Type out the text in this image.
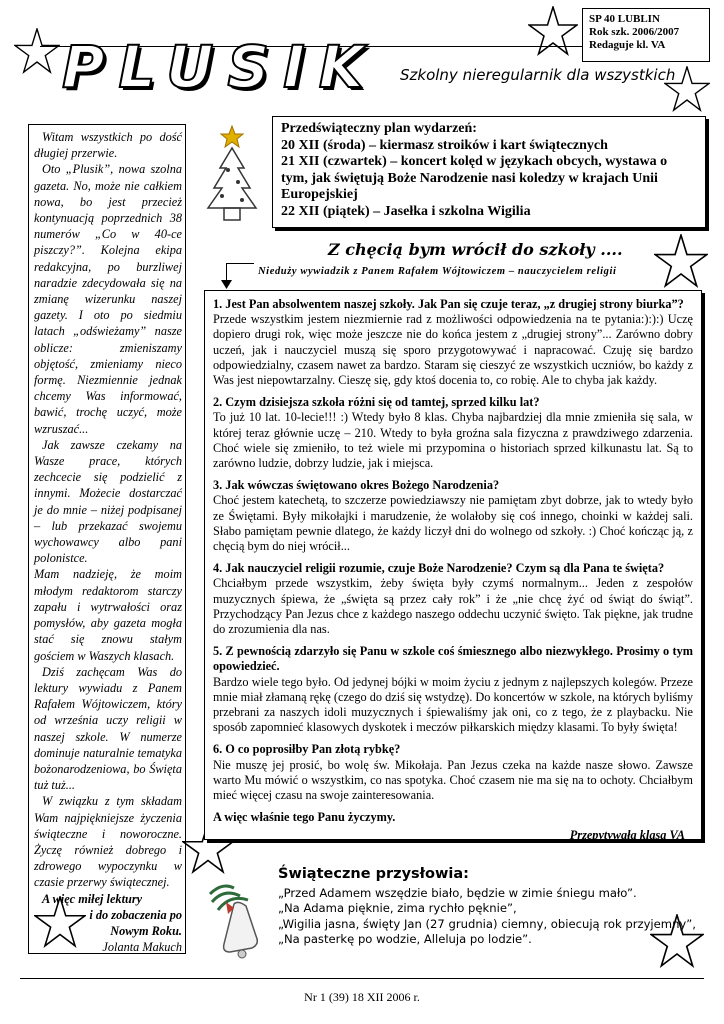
SP 40 LUBLIN
Rok szk. 2006/2007
Redaguje kl. VA
PLUSIK Szkolny nieregularnik dla wszystkich

Witam wszystkich po dość długiej przerwie.

Oto „Plusik”, nowa szolna gazeta. No, może nie całkiem nowa, bo jest przecież kontynuacją poprzednich 38 numerów „Co w 40-ce piszczy?”. Kolejna ekipa redakcyjna, po burzliwej naradzie zdecydowała się na zmianę wizerunku naszej gazety. I oto po siedmiu latach „odświeżamy” nasze oblicze: zmieniszamy objętość, zmieniamy nieco formę. Niezmiennie jednak chcemy Was informować, bawić, trochę uczyć, może wzruszać...

Jak zawsze czekamy na Wasze prace, których zechcecie się podzielić z innymi. Możecie dostarczać je do mnie – niżej podpisanej – lub przekazać swojemu wychowawcy albo pani polonistce.

Mam nadzieję, że moim młodym redaktorom starczy zapału i wytrwałości oraz pomysłów, aby gazeta mogła stać się znowu stałym gościem w Waszych klasach.

Dziś zachęcam Was do lektury wywiadu z Panem Rafałem Wójtowiczem, który od września uczy religii w naszej szkole. W numerze dominuje naturalnie tematyka bożonarodzeniowa, bo Święta tuż tuż...

W związku z tym składam Wam najpiękniejsze życzenia świąteczne i noworoczne. Życzę również dobrego i zdrowego wypoczynku w czasie przerwy świątecznej.

A więc miłej lektury

i do zobaczenia po

Nowym Roku.

Jolanta Makuch

Przedświąteczny plan wydarzeń:
20 XII (środa) – kiermasz stroików i kart świątecznych
21 XII (czwartek) – koncert kolęd w językach obcych, wystawa o tym, jak świętują Boże Narodzenie nasi koledzy w krajach Unii Europejskiej
22 XII (piątek) – Jasełka i szkolna Wigilia
Z chęcią bym wrócił do szkoły ....
Nieduży wywiadzik z Panem Rafałem Wójtowiczem – nauczycielem religii
1. Jest Pan absolwentem naszej szkoły. Jak Pan się czuje teraz, „z drugiej strony biurka”?
Przede wszystkim jestem niezmiernie rad z możliwości odpowiedzenia na te pytania:):):) Uczę dopiero drugi rok, więc może jeszcze nie do końca jestem z „drugiej strony”... Zarówno dobry uczeń, jak i nauczyciel muszą się sporo przygotowywać i napracować. Czuję się bardzo odpowiedzialny, czasem nawet za bardzo. Staram się cieszyć ze wszystkich uczniów, bo każdy z Was jest niepowtarzalny. Cieszę się, gdy ktoś docenia to, co robię. Ale to chyba jak każdy.
2. Czym dzisiejsza szkoła różni się od tamtej, sprzed kilku lat?
To już 10 lat. 10-lecie!!! :) Wtedy było 8 klas. Chyba najbardziej dla mnie zmieniła się sala, w której teraz głównie uczę – 210. Wtedy to była groźna sala fizyczna z prawdziwego zdarzenia. Choć wiele się zmieniło, to też wiele mi przypomina o historiach sprzed kilkunastu lat. Są to zarówno ludzie, dobrzy ludzie, jak i miejsca.
3. Jak wówczas świętowano okres Bożego Narodzenia?
Choć jestem katechetą, to szczerze powiedziawszy nie pamiętam zbyt dobrze, jak to wtedy było ze Świętami. Były mikołajki i marudzenie, że wolałoby się coś innego, choinki w każdej sali. Słabo pamiętam pewnie dlatego, że każdy liczył dni do wolnego od szkoły. :) Choć kończąc ją, z chęcią bym do niej wrócił...
4. Jak nauczyciel religii rozumie, czuje Boże Narodzenie? Czym są dla Pana te święta?
Chciałbym przede wszystkim, żeby święta były czymś normalnym... Jeden z zespołów muzycznych śpiewa, że „święta są przez cały rok” i że „nie chcę żyć od świąt do świąt”. Przychodzący Pan Jezus chce z każdego naszego oddechu uczynić święto. Tak piękne, jak trudne do zrozumienia dla nas.
5. Z pewnością zdarzyło się Panu w szkole coś śmiesznego albo niezwykłego. Prosimy o tym opowiedzieć.
Bardzo wiele tego było. Od jedynej bójki w moim życiu z jednym z najlepszych kolegów. Przeze mnie miał złamaną rękę (czego do dziś się wstydzę). Do koncertów w szkole, na których byliśmy przebrani za naszych idoli muzycznych i śpiewaliśmy jak oni, co z tego, że z playbacku. Nie sposób zapomnieć klasowych dyskotek i meczów piłkarskich między klasami. To były święta!
6. O co poprosiłby Pan złotą rybkę?
Nie muszę jej prosić, bo wolę św. Mikołaja. Pan Jezus czeka na każde nasze słowo. Zawsze warto Mu mówić o wszystkim, co nas spotyka. Choć czasem nie ma się na to ochoty. Chciałbym mieć więcej czasu na swoje zainteresowania.
A więc właśnie tego Panu życzymy.
Przepytywała klasa VA
Świąteczne przysłowia:
„Przed Adamem wszędzie biało, będzie w zimie śniegu mało”.
„Na Adama pięknie, zima rychło pęknie”,
„Wigilia jasna, święty Jan (27 grudnia) ciemny, obiecują rok przyjemny”,
„Na pasterkę po wodzie, Alleluja po lodzie”.
Nr 1 (39) 18 XII 2006 r.
